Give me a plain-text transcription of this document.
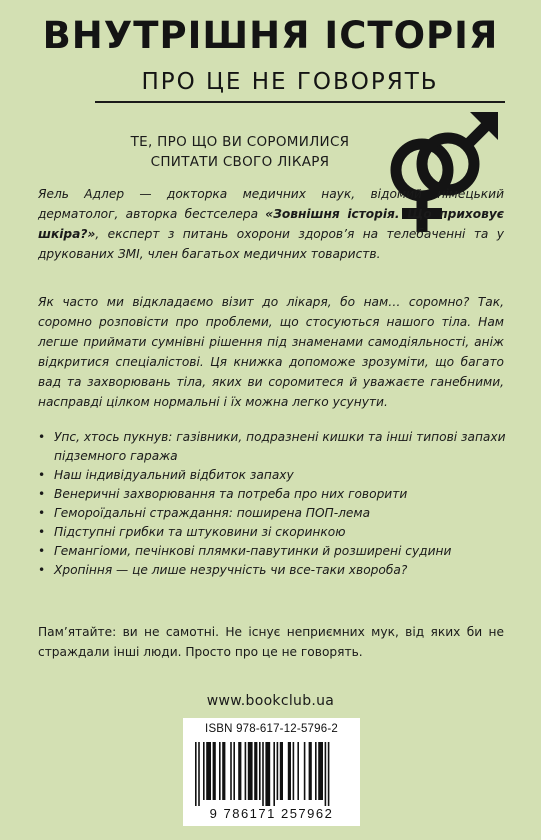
ВНУТРІШНЯ ІСТОРІЯ
ПРО ЦЕ НЕ ГОВОРЯТЬ
ТЕ, ПРО ЩО ВИ СОРОМИЛИСЯ
СПИТАТИ СВОГО ЛІКАРЯ
Яель Адлер — докторка медичних наук, відомий німецький дерматолог, авторка бестселера «Зовнішня історія. Що приховує шкіра?», експерт з питань охорони здоров’я на телебаченні та у друкованих ЗМІ, член багатьох медичних товариств.
Як часто ми відкладаємо візит до лікаря, бо нам… соромно? Так, соромно розповісти про проблеми, що стосуються нашого тіла. Нам легше приймати сумнівні рішення під знаменами самодіяльності, аніж відкритися спеціалістові. Ця книжка допоможе зрозуміти, що багато вад та захворювань тіла, яких ви соромитеся й уважаєте ганебними, насправді цілком нормальні і їх можна легко усунути.
• Упс, хтось пукнув: газівники, подразнені кишки та інші типові запахи підземного гаража
• Наш індивідуальний відбиток запаху
• Венеричні захворювання та потреба про них говорити
• Гемороїдальні страждання: поширена ПОП-лема
• Підступні грибки та штуковини зі скоринкою
• Гемангіоми, печінкові плямки-павутинки й розширені судини
• Хропіння — це лише незручність чи все-таки хвороба?
Пам’ятайте: ви не самотні. Не існує неприємних мук, від яких би не страждали інші люди. Просто про це не говорять.
www.bookclub.ua
ISBN 978-617-12-5796-2
9 786171 257962
